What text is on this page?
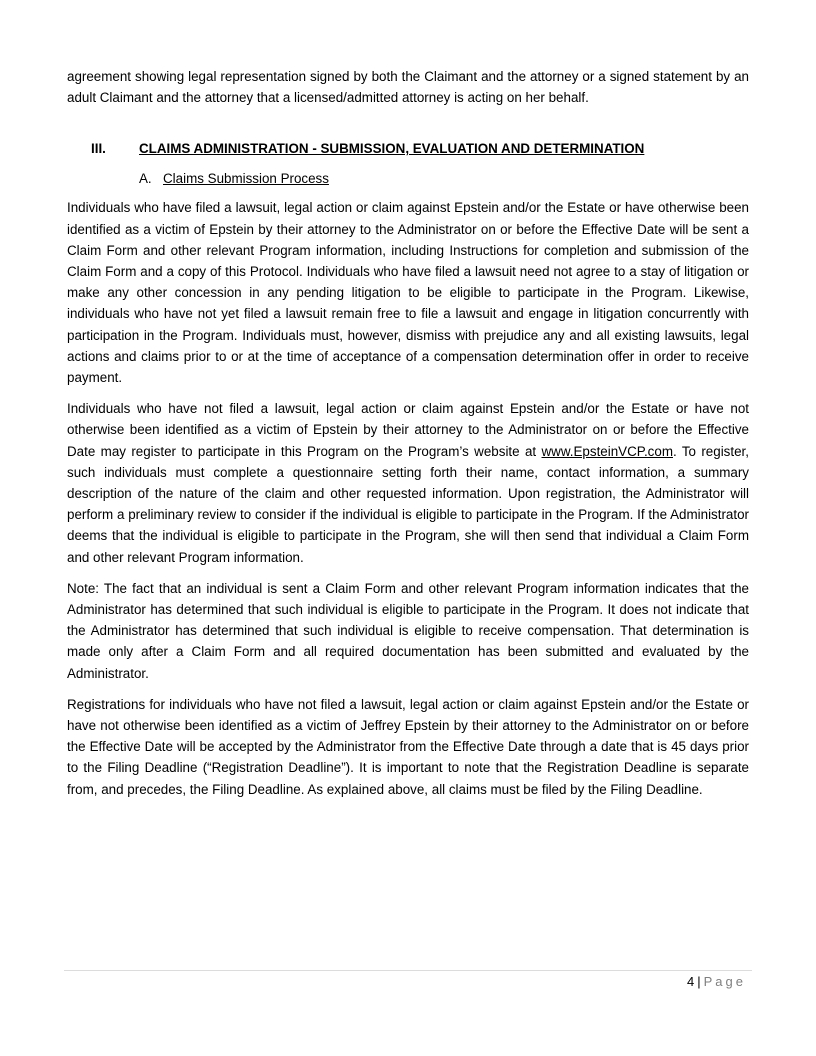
agreement showing legal representation signed by both the Claimant and the attorney or a signed statement by an adult Claimant and the attorney that a licensed/admitted attorney is acting on her behalf.

III.	CLAIMS ADMINISTRATION - SUBMISSION, EVALUATION AND DETERMINATION
A. Claims Submission Process

Individuals who have filed a lawsuit, legal action or claim against Epstein and/or the Estate or have otherwise been identified as a victim of Epstein by their attorney to the Administrator on or before the Effective Date will be sent a Claim Form and other relevant Program information, including Instructions for completion and submission of the Claim Form and a copy of this Protocol. Individuals who have filed a lawsuit need not agree to a stay of litigation or make any other concession in any pending litigation to be eligible to participate in the Program. Likewise, individuals who have not yet filed a lawsuit remain free to file a lawsuit and engage in litigation concurrently with participation in the Program. Individuals must, however, dismiss with prejudice any and all existing lawsuits, legal actions and claims prior to or at the time of acceptance of a compensation determination offer in order to receive payment.

Individuals who have not filed a lawsuit, legal action or claim against Epstein and/or the Estate or have not otherwise been identified as a victim of Epstein by their attorney to the Administrator on or before the Effective Date may register to participate in this Program on the Program’s website at www.EpsteinVCP.com. To register, such individuals must complete a questionnaire setting forth their name, contact information, a summary description of the nature of the claim and other requested information. Upon registration, the Administrator will perform a preliminary review to consider if the individual is eligible to participate in the Program. If the Administrator deems that the individual is eligible to participate in the Program, she will then send that individual a Claim Form and other relevant Program information.

Note: The fact that an individual is sent a Claim Form and other relevant Program information indicates that the Administrator has determined that such individual is eligible to participate in the Program. It does not indicate that the Administrator has determined that such individual is eligible to receive compensation. That determination is made only after a Claim Form and all required documentation has been submitted and evaluated by the Administrator.

Registrations for individuals who have not filed a lawsuit, legal action or claim against Epstein and/or the Estate or have not otherwise been identified as a victim of Jeffrey Epstein by their attorney to the Administrator on or before the Effective Date will be accepted by the Administrator from the Effective Date through a date that is 45 days prior to the Filing Deadline (“Registration Deadline”). It is important to note that the Registration Deadline is separate from, and precedes, the Filing Deadline. As explained above, all claims must be filed by the Filing Deadline.

4 | Page
